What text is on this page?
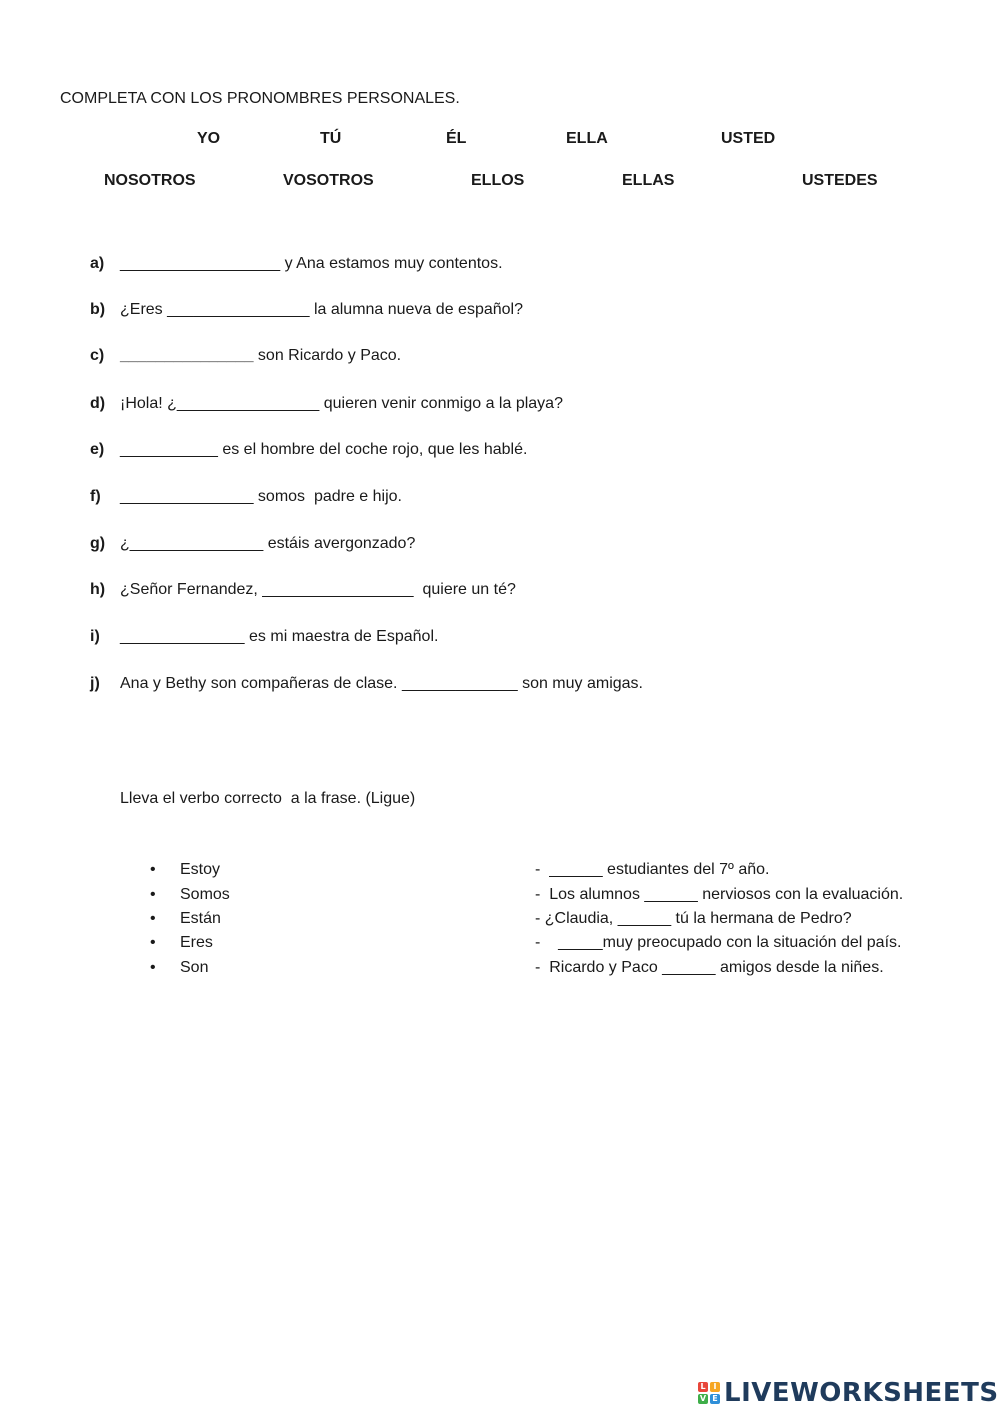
COMPLETA CON LOS PRONOMBRES PERSONALES.
YO	TÚ	ÉL	ELLA	USTED
NOSOTROS	VOSOTROS	ELLOS	ELLAS	USTEDES
a) __________________ y Ana estamos muy contentos.
b) ¿Eres ________________ la alumna nueva de español?
c) _______________ son Ricardo y Paco.
d) ¡Hola! ¿________________ quieren venir conmigo a la playa?
e) ___________ es el hombre del coche rojo, que les hablé.
f) _______________ somos  padre e hijo.
g) ¿_______________ estáis avergonzado?
h) ¿Señor Fernandez, _________________  quiere un té?
i) ______________ es mi maestra de Español.
j) Ana y Bethy son compañeras de clase. _____________ son muy amigas.
Lleva el verbo correcto  a la frase. (Ligue)
•
•
•
•
•
Estoy
Somos
Están
Eres
Son
-  ______ estudiantes del 7º año.
-  Los alumnos ______ nerviosos con la evaluación.
- ¿Claudia, ______ tú la hermana de Pedro?
-    _____muy preocupado con la situación del país.
-  Ricardo y Paco ______ amigos desde la niñes.
L I
V E LIVEWORKSHEETS
